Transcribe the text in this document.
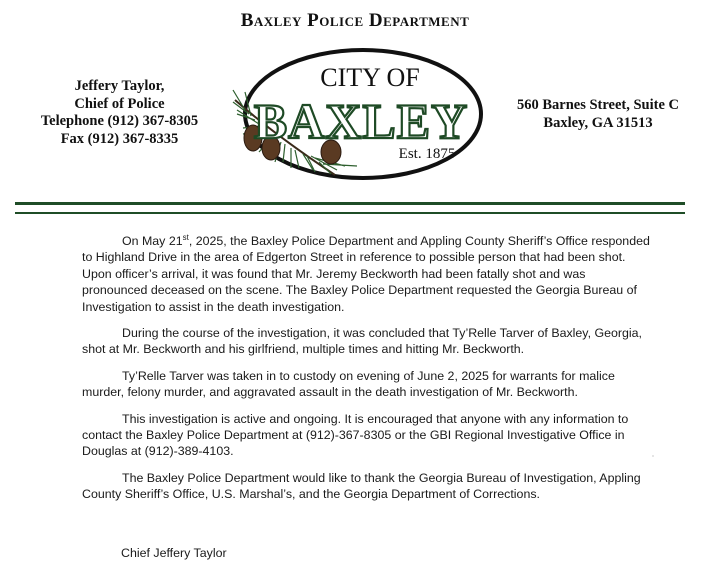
Baxley Police Department
Jeffery Taylor,
Chief of Police
Telephone (912) 367-8305
Fax (912) 367-8335
CITY OF
BAXLEY
Est. 1875
560 Barnes Street, Suite C
Baxley, GA 31513

On May 21st, 2025, the Baxley Police Department and Appling County Sheriff’s Office responded to Highland Drive in the area of Edgerton Street in reference to possible person that had been shot. Upon officer’s arrival, it was found that Mr. Jeremy Beckworth had been fatally shot and was pronounced deceased on the scene. The Baxley Police Department requested the Georgia Bureau of Investigation to assist in the death investigation.

During the course of the investigation, it was concluded that Ty’Relle Tarver of Baxley, Georgia, shot at Mr. Beckworth and his girlfriend, multiple times and hitting Mr. Beckworth.

Ty’Relle Tarver was taken in to custody on evening of June 2, 2025 for warrants for malice murder, felony murder, and aggravated assault in the death investigation of Mr. Beckworth.

This investigation is active and ongoing. It is encouraged that anyone with any information to contact the Baxley Police Department at (912)-367-8305 or the GBI Regional Investigative Office in Douglas at (912)-389-4103.

The Baxley Police Department would like to thank the Georgia Bureau of Investigation, Appling County Sheriff’s Office, U.S. Marshal’s, and the Georgia Department of Corrections.

Chief Jeffery Taylor
